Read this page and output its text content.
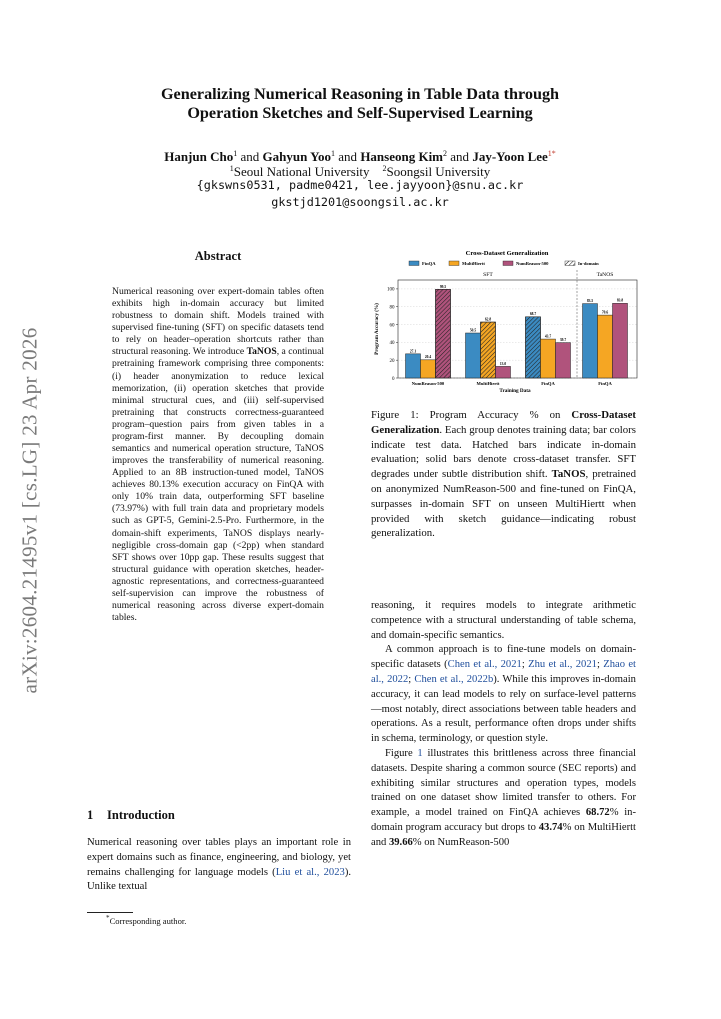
arXiv:2604.21495v1 [cs.LG] 23 Apr 2026
Generalizing Numerical Reasoning in Table Data through
Operation Sketches and Self-Supervised Learning
Hanjun Cho$^1$ and Gahyun Yoo$^1$ and Hanseong Kim$^2$ and Jay-Yoon Lee$^{1*}$
$^1$Seoul National University $^2$Soongsil University
{gkswns0531, padme0421, lee.jayyoon}@snu.ac.kr
gkstjd1201@soongsil.ac.kr
Abstract
Numerical reasoning over expert-domain tables often exhibits high in-domain accuracy but limited robustness to domain shift. Models trained with supervised fine-tuning (SFT) on specific datasets tend to rely on header–operation shortcuts rather than structural reasoning. We introduce TaNOS, a continual pretraining framework comprising three components: (i) header anonymization to reduce lexical memorization, (ii) operation sketches that provide minimal structural cues, and (iii) self-supervised pretraining that constructs correctness-guaranteed program–question pairs from given tables in a program-first manner. By decoupling domain semantics and numerical operation structure, TaNOS improves the transferability of numerical reasoning. Applied to an 8B instruction-tuned model, TaNOS achieves 80.13% execution accuracy on FinQA with only 10% train data, outperforming SFT baseline (73.97%) with full train data and proprietary models such as GPT-5, Gemini-2.5-Pro. Furthermore, in the domain-shift experiments, TaNOS displays nearly-negligible cross-domain gap (<2pp) when standard SFT shows over 10pp gap. These results suggest that structural guidance with operation sketches, header-agnostic representations, and correctness-guaranteed self-supervision can improve the robustness of numerical reasoning across diverse expert-domain tables.
1 Introduction
Numerical reasoning over tables plays an important role in expert domains such as finance, engineering, and biology, yet remains challenging for language models (Liu et al., 2023). Unlike textual
*Corresponding author.
Cross-Dataset Generalization
FinQA	MultiHiertt	NumReason-500	In-domain
0
20
40
60
80
100
Program Accuracy (%)	27.1
20.4
99.5
NumReason-500
50.5
62.8
13.0
MultiHiertt
68.7
43.7
39.7
FinQA
83.5
70.6
83.8
FinQA
SFT	TaNOS
Training Data
Figure 1: Program Accuracy % on Cross-Dataset Generalization. Each group denotes training data; bar colors indicate test data. Hatched bars indicate in-domain evaluation; solid bars denote cross-dataset transfer. SFT degrades under subtle distribution shift. TaNOS, pretrained on anonymized NumReason-500 and fine-tuned on FinQA, surpasses in-domain SFT on unseen MultiHiertt when provided with sketch guidance—indicating robust generalization.

reasoning, it requires models to integrate arithmetic competence with a structural understanding of table schema, and domain-specific semantics.

A common approach is to fine-tune models on domain-specific datasets (Chen et al., 2021; Zhu et al., 2021; Zhao et al., 2022; Chen et al., 2022b). While this improves in-domain accuracy, it can lead models to rely on surface-level patterns—most notably, direct associations between table headers and operations. As a result, performance often drops under shifts in schema, terminology, or question style.

Figure 1 illustrates this brittleness across three financial datasets. Despite sharing a common source (SEC reports) and exhibiting similar structures and operation types, models trained on one dataset show limited transfer to others. For example, a model trained on FinQA achieves 68.72% in-domain program accuracy but drops to 43.74% on MultiHiertt and 39.66% on NumReason-500
